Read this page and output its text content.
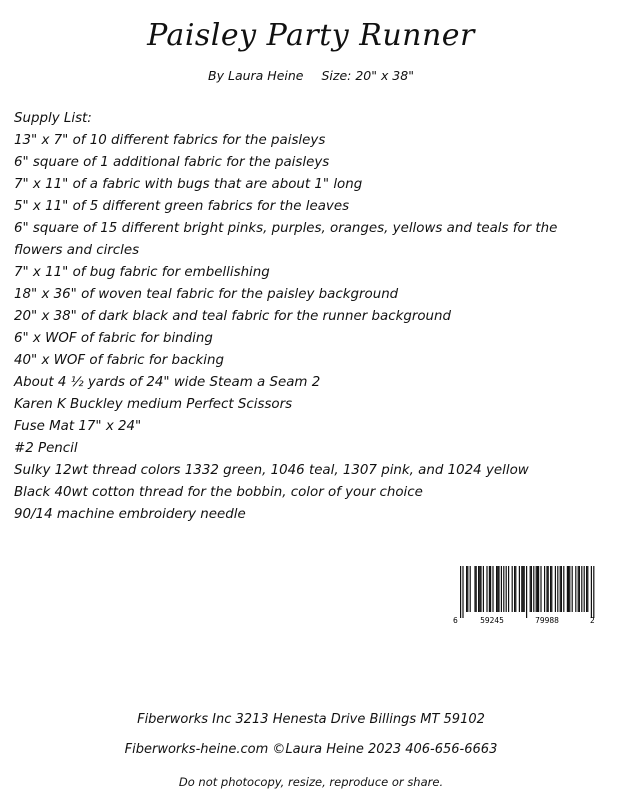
Paisley Party Runner
By Laura Heine Size: 20" x 38"
Supply List:
13" x 7" of 10 different fabrics for the paisleys
6" square of 1 additional fabric for the paisleys
7" x 11" of a fabric with bugs that are about 1" long
5" x 11" of 5 different green fabrics for the leaves
6" square of 15 different bright pinks, purples, oranges, yellows and teals for the
flowers and circles
7" x 11" of bug fabric for embellishing
18" x 36" of woven teal fabric for the paisley background
20" x 38" of dark black and teal fabric for the runner background
6" x WOF of fabric for binding
40" x WOF of fabric for backing
About 4 ½ yards of 24" wide Steam a Seam 2
Karen K Buckley medium Perfect Scissors
Fuse Mat 17" x 24"
#2 Pencil
Sulky 12wt thread colors 1332 green, 1046 teal, 1307 pink, and 1024 yellow
Black 40wt cotton thread for the bobbin, color of your choice
90/14 machine embroidery needle
6	59245	79988	2
Fiberworks Inc 3213 Henesta Drive Billings MT 59102
Fiberworks-heine.com ©Laura Heine 2023 406-656-6663
Do not photocopy, resize, reproduce or share.
